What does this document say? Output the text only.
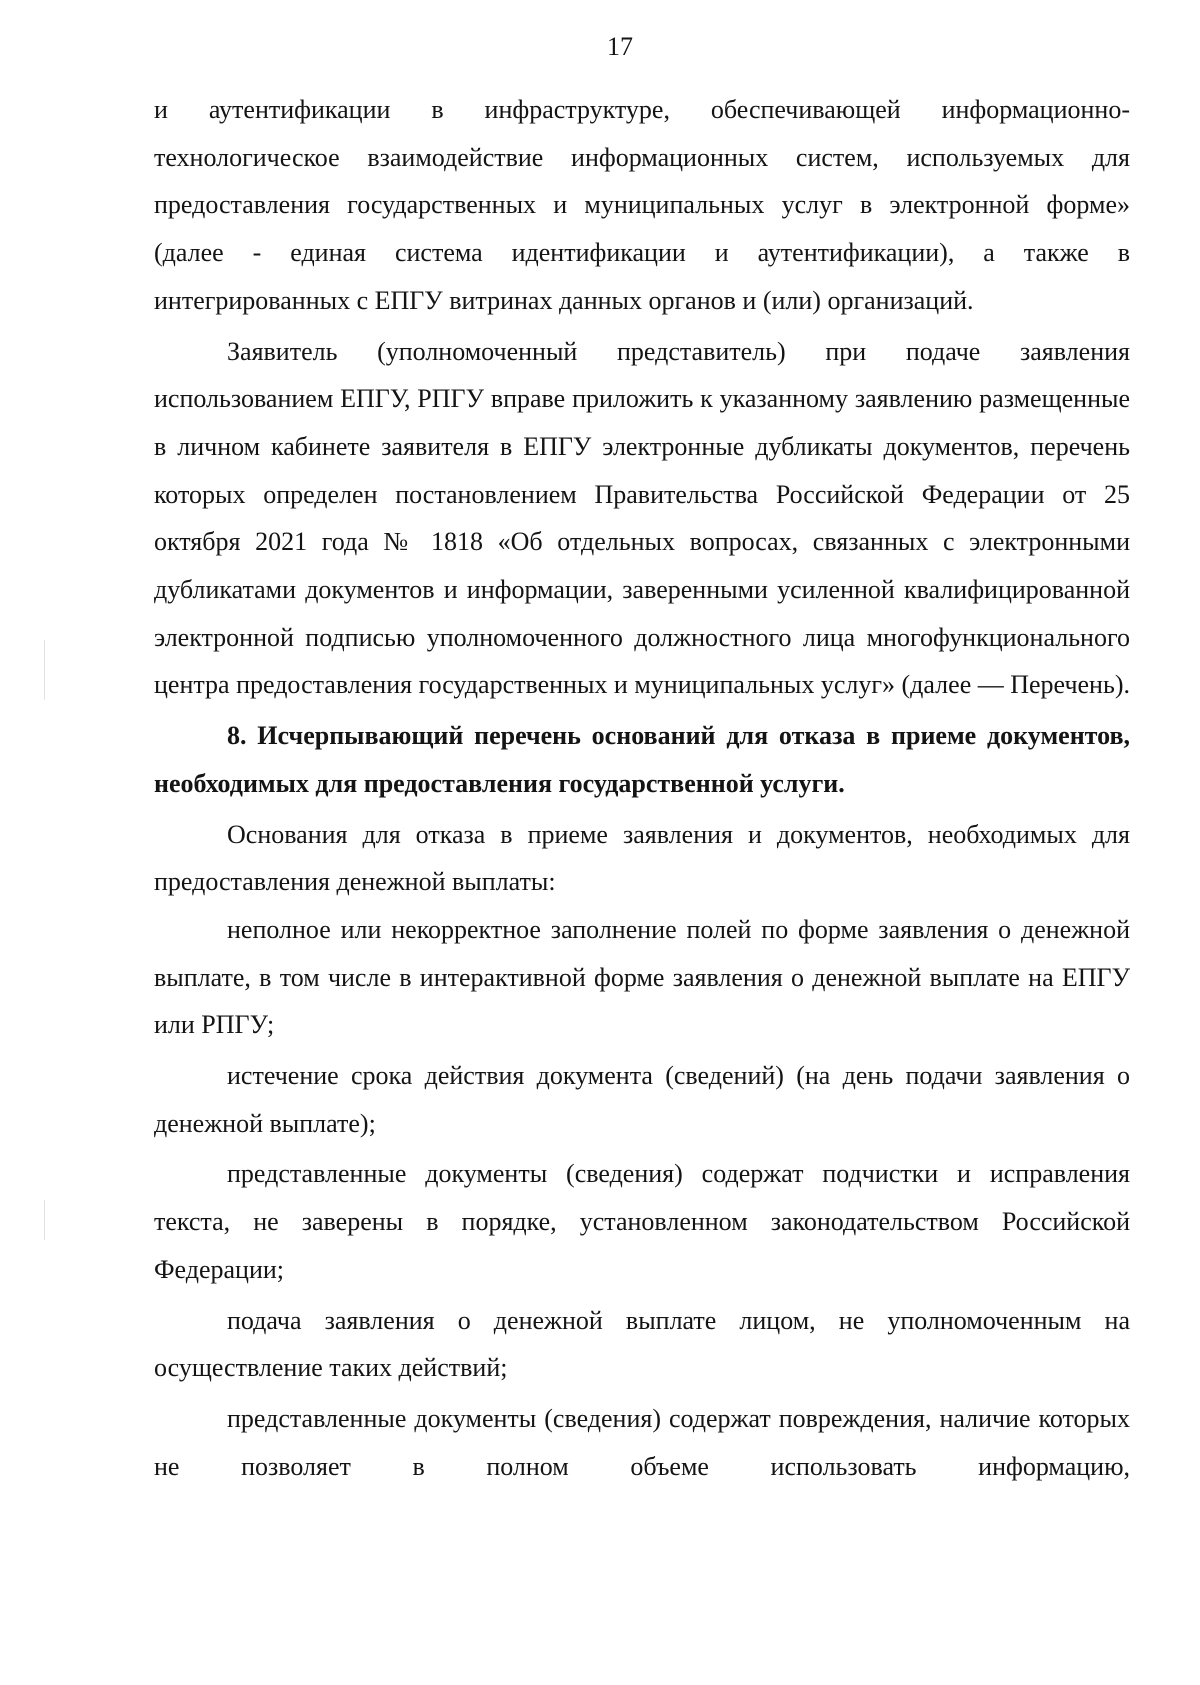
17

и аутентификации в инфраструктуре, обеспечивающей информационно-технологическое взаимодействие информационных систем, используемых для предоставления государственных и муниципальных услуг в электронной форме» (далее - единая система идентификации и аутентификации), а также в интегрированных с ЕПГУ витринах данных органов и (или) организаций.

Заявитель (уполномоченный представитель) при подаче заявления использованием ЕПГУ, РПГУ вправе приложить к указанному заявлению размещенные в личном кабинете заявителя в ЕПГУ электронные дубликаты документов, перечень которых определен постановлением Правительства Российской Федерации от 25 октября 2021 года № 1818 «Об отдельных вопросах, связанных с электронными дубликатами документов и информации, заверенными усиленной квалифицированной электронной подписью уполномоченного должностного лица многофункционального центра предоставления государственных и муниципальных услуг» (далее — Перечень).

8. Исчерпывающий перечень оснований для отказа в приеме документов, необходимых для предоставления государственной услуги.

Основания для отказа в приеме заявления и документов, необходимых для предоставления денежной выплаты:

неполное или некорректное заполнение полей по форме заявления о денежной выплате, в том числе в интерактивной форме заявления о денежной выплате на ЕПГУ или РПГУ;

истечение срока действия документа (сведений) (на день подачи заявления о денежной выплате);

представленные документы (сведения) содержат подчистки и исправления текста, не заверены в порядке, установленном законодательством Российской Федерации;

подача заявления о денежной выплате лицом, не уполномоченным на осуществление таких действий;

представленные документы (сведения) содержат повреждения, наличие которых не позволяет в полном объеме использовать информацию,
